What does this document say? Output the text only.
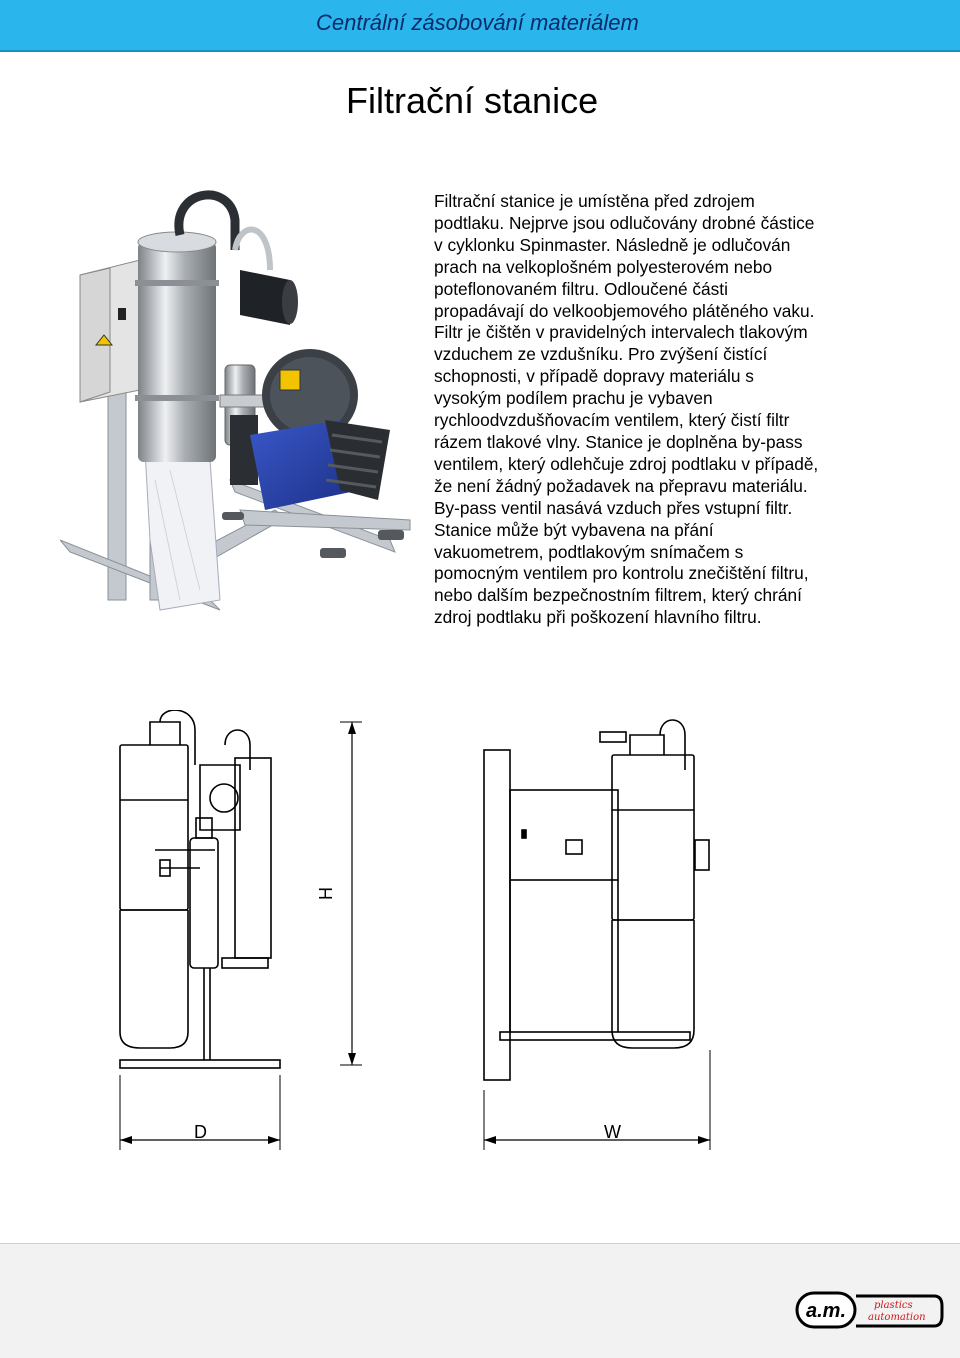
Centrální zásobování materiálem
Filtrační stanice
Filtrační stanice je umístěna před zdrojem
podtlaku. Nejprve jsou odlučovány drobné částice
v cyklonku Spinmaster. Následně je odlučován
prach na velkoplošném polyesterovém nebo
poteflonovaném filtru. Odloučené části
propadávají do velkoobjemového plátěného vaku.
Filtr je čištěn v pravidelných intervalech tlakovým
vzduchem ze vzdušníku. Pro zvýšení čistící
schopnosti, v případě dopravy materiálu s
vysokým podílem prachu je vybaven
rychloodvzdušňovacím ventilem, který čistí filtr
rázem tlakové vlny. Stanice je doplněna by-pass
ventilem, který odlehčuje zdroj podtlaku v případě,
že není žádný požadavek na přepravu materiálu.
By-pass ventil nasává vzduch přes vstupní filtr.
Stanice může být vybavena na přání
vakuometrem, podtlakovým snímačem s
pomocným ventilem pro kontrolu znečištění filtru,
nebo dalším bezpečnostním filtrem, který chrání
zdroj podtlaku při poškození hlavního filtru.
H
D	W
a.m.	plastics
automation
